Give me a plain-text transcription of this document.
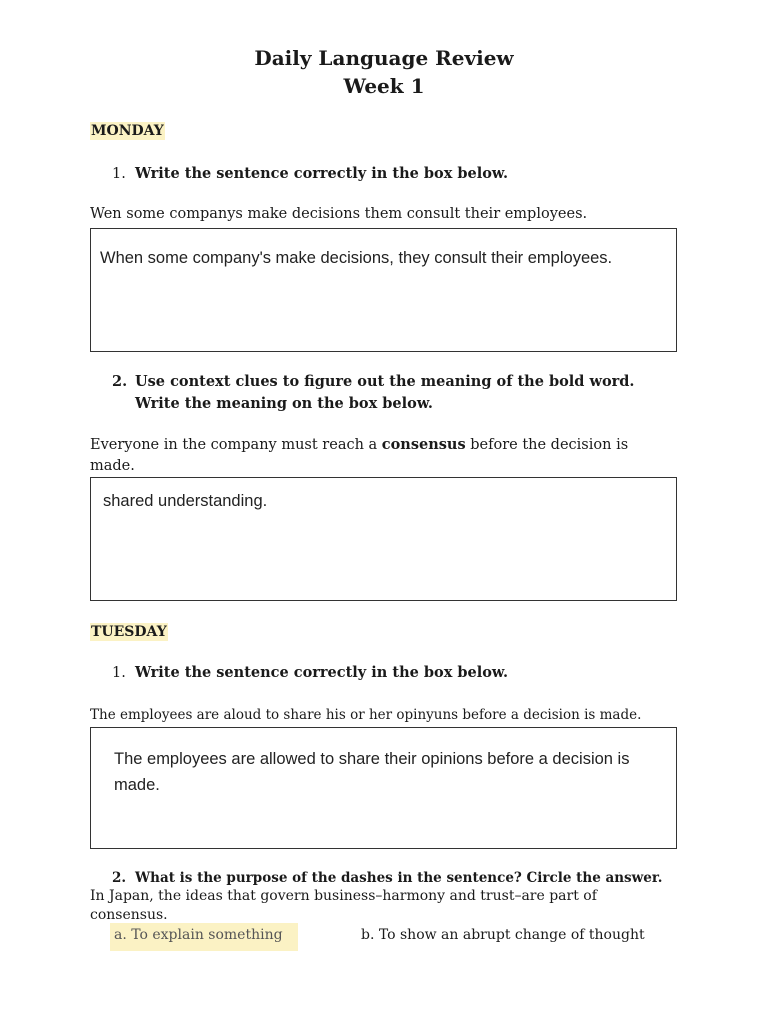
Daily Language Review
Week 1
MONDAY
1. Write the sentence correctly in the box below.
Wen some companys make decisions them consult their employees.
When some company's make decisions, they consult their employees.
2. Use context clues to figure out the meaning of the bold word.
Write the meaning on the box below.
Everyone in the company must reach a consensus before the decision is made.
shared understanding.
TUESDAY
1. Write the sentence correctly in the box below.
The employees are aloud to share his or her opinyuns before a decision is made.
The employees are allowed to share their opinions before a decision is made.
2. What is the purpose of the dashes in the sentence? Circle the answer.
In Japan, the ideas that govern business–harmony and trust–are part of consensus.
a. To explain something	b. To show an abrupt change of thought
